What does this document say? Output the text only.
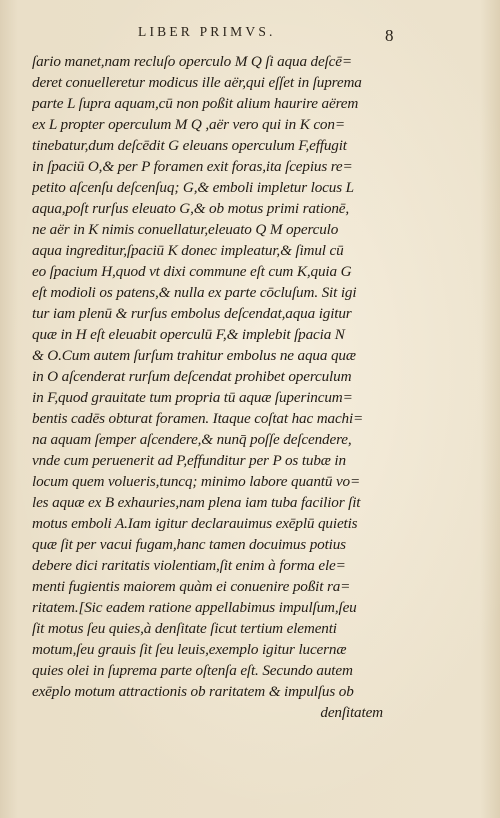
LIBER PRIMVS.	8
ſario manet,nam recluſo operculo M Q ſi aqua deſcē=
deret conuelleretur modicus ille aër,qui eſſet in ſuprema
parte L ſupra aquam,cū non poßit alium haurire aërem
ex L propter operculum M Q ,aër vero qui in K con=
tinebatur,dum deſcēdit G eleuans operculum F,effugit
in ſpaciū O,& per P foramen exit foras,ita ſcepius re=
petito aſcenſu deſcenſuq; G,& emboli impletur locus L
aqua,poſt rurſus eleuato G,& ob motus primi rationē,
ne aër in K nimis conuellatur,eleuato Q M operculo
aqua ingreditur,ſpaciū K donec impleatur,& ſimul cū
eo ſpacium H,quod vt dixi commune eſt cum K,quia G
eſt modioli os patens,& nulla ex parte cōcluſum. Sit igi
tur iam plenū & rurſus embolus deſcendat,aqua igitur
quæ in H eſt eleuabit operculū F,& implebit ſpacia N
& O.Cum autem ſurſum trahitur embolus ne aqua quæ
in O aſcenderat rurſum deſcendat prohibet operculum
in F,quod grauitate tum propria tū aquæ ſuperincum=
bentis cadēs obturat foramen. Itaque coſtat hac machi=
na aquam ſemper aſcendere,& nunq̄ poſſe deſcendere,
vnde cum peruenerit ad P,effunditur per P os tubæ in
locum quem volueris,tuncq; minimo labore quantū vo=
les aquæ ex B exhauries,nam plena iam tuba facilior ſit
motus emboli A.Iam igitur declarauimus exēplū quietis
quæ ſit per vacui fugam,hanc tamen docuimus potius
debere dici raritatis violentiam,ſit enim à forma ele=
menti fugientis maiorem quàm ei conuenire poßit ra=
ritatem.[Sic eadem ratione appellabimus impulſum,ſeu
ſit motus ſeu quies,à denſitate ſicut tertium elementi
motum,ſeu grauis ſit ſeu leuis,exemplo igitur lucernæ
quies olei in ſuprema parte oſtenſa eſt. Secundo autem
exēplo motum attractionis ob raritatem & impulſus ob
denſitatem
